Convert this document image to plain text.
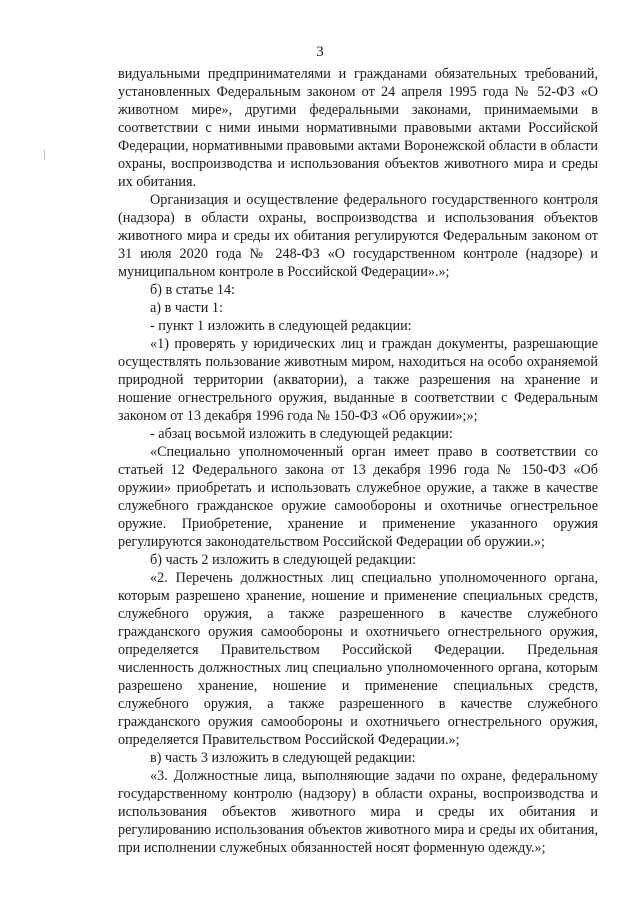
3

видуальными предпринимателями и гражданами обязательных требований, установленных Федеральным законом от 24 апреля 1995 года № 52-ФЗ «О животном мире», другими федеральными законами, принимаемыми в соответствии с ними иными нормативными правовыми актами Российской Федерации, нормативными правовыми актами Воронежской области в области охраны, воспроизводства и использования объектов животного мира и среды их обитания.

Организация и осуществление федерального государственного контроля (надзора) в области охраны, воспроизводства и использования объектов животного мира и среды их обитания регулируются Федеральным законом от 31 июля 2020 года № 248-ФЗ «О государственном контроле (надзоре) и муниципальном контроле в Российской Федерации».»;

б) в статье 14:

а) в части 1:

- пункт 1 изложить в следующей редакции:

«1) проверять у юридических лиц и граждан документы, разрешающие осуществлять пользование животным миром, находиться на особо охраняемой природной территории (акватории), а также разрешения на хранение и ношение огнестрельного оружия, выданные в соответствии с Федеральным законом от 13 декабря 1996 года № 150-ФЗ «Об оружии»;»;

- абзац восьмой изложить в следующей редакции:

«Специально уполномоченный орган имеет право в соответствии со статьей 12 Федерального закона от 13 декабря 1996 года № 150-ФЗ «Об оружии» приобретать и использовать служебное оружие, а также в качестве служебного гражданское оружие самообороны и охотничье огнестрельное оружие. Приобретение, хранение и применение указанного оружия регулируются законодательством Российской Федерации об оружии.»;

б) часть 2 изложить в следующей редакции:

«2. Перечень должностных лиц специально уполномоченного органа, которым разрешено хранение, ношение и применение специальных средств, служебного оружия, а также разрешенного в качестве служебного гражданского оружия самообороны и охотничьего огнестрельного оружия, определяется Правительством Российской Федерации. Предельная численность должностных лиц специально уполномоченного органа, которым разрешено хранение, ношение и применение специальных средств, служебного оружия, а также разрешенного в качестве служебного гражданского оружия самообороны и охотничьего огнестрельного оружия, определяется Правительством Российской Федерации.»;

в) часть 3 изложить в следующей редакции:

«3. Должностные лица, выполняющие задачи по охране, федеральному государственному контролю (надзору) в области охраны, воспроизводства и использования объектов животного мира и среды их обитания и регулированию использования объектов животного мира и среды их обитания, при исполнении служебных обязанностей носят форменную одежду.»;
